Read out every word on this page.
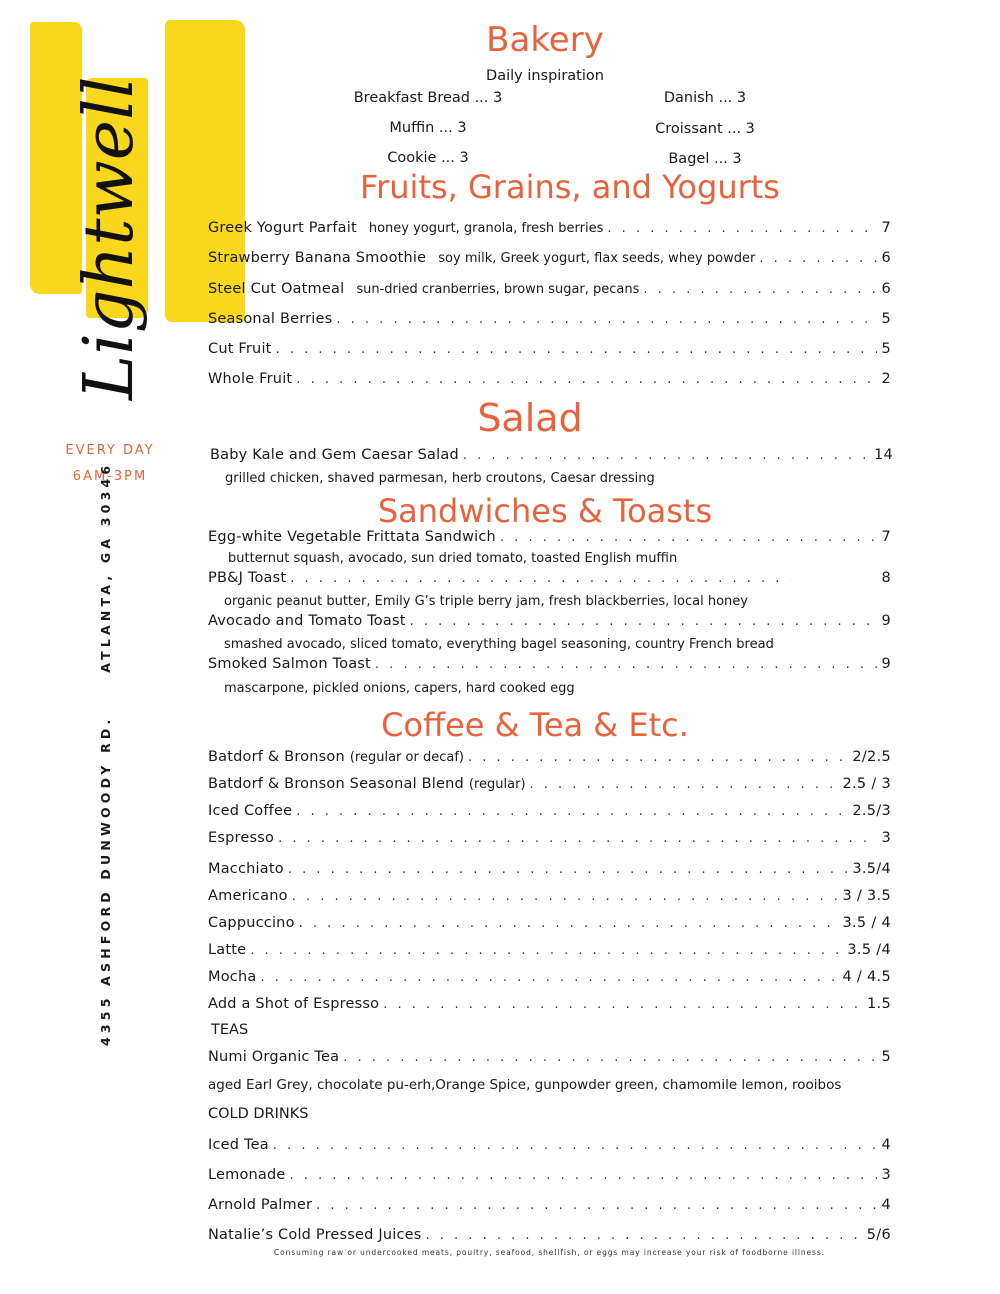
Lightwell
EVERY DAY
6AM-3PM
4355 ASHFORD DUNWOODY RD.     ATLANTA, GA 30346
Bakery
Daily inspiration
Breakfast Bread ... 3
Muffin ... 3
Cookie ... 3
Danish ... 3
Croissant ... 3
Bagel ... 3
Fruits, Grains, and Yogurts
Greek Yogurt Parfait honey yogurt, granola, fresh berries . . .	7
Strawberry Banana Smoothie soy milk, Greek yogurt, flax seeds, whey powder . . .	6
Steel Cut Oatmeal sun-dried cranberries, brown sugar, pecans . . .	6
Seasonal Berries . . .	5
Cut Fruit . . .	5
Whole Fruit . . .	2
Salad
Baby Kale and Gem Caesar Salad . . .	14
grilled chicken, shaved parmesan, herb croutons, Caesar dressing
Sandwiches & Toasts
Egg-white Vegetable Frittata Sandwich . . .	7
butternut squash, avocado, sun dried tomato, toasted English muffin
PB&J Toast . . .	8
organic peanut butter, Emily G’s triple berry jam, fresh blackberries, local honey
Avocado and Tomato Toast . . .	9
smashed avocado, sliced tomato, everything bagel seasoning, country French bread
Smoked Salmon Toast . . .	9
mascarpone, pickled onions, capers, hard cooked egg
Coffee & Tea & Etc.
Batdorf & Bronson (regular or decaf) . . .	2/2.5
Batdorf & Bronson Seasonal Blend (regular) . . .	2.5 / 3
Iced Coffee . . .	2.5/3
Espresso . . .	3
Macchiato . . .	3.5/4
Americano . . .	3 / 3.5
Cappuccino . . .	3.5 / 4
Latte . . .	3.5 /4
Mocha . . .	4 / 4.5
Add a Shot of Espresso . . .	1.5
TEAS
Numi Organic Tea . . .	5
aged Earl Grey, chocolate pu-erh,Orange Spice, gunpowder green, chamomile lemon, rooibos
COLD DRINKS
Iced Tea . . .	4
Lemonade . . .	3
Arnold Palmer . . .	4
Natalie’s Cold Pressed Juices . . .	5/6
Consuming raw or undercooked meats, poultry, seafood, shellfish, or eggs may increase your risk of foodborne illness.
